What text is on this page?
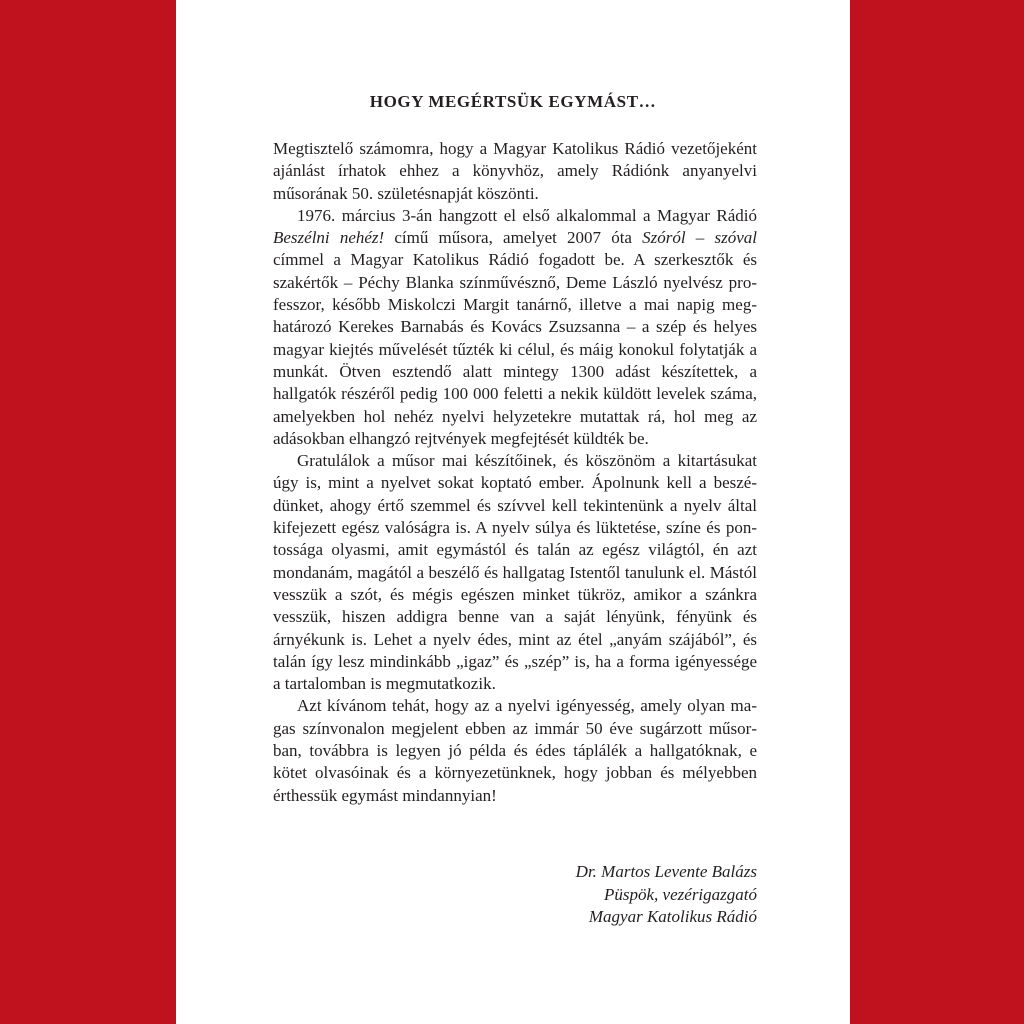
HOGY MEGÉRTSÜK EGYMÁST…

Megtisztelő számomra, hogy a Magyar Katolikus Rádió vezetőjeként ajánlást írhatok ehhez a könyvhöz, amely Rádiónk anyanyelvi műsorának 50. születésnapját köszönti.

1976. március 3-án hangzott el első alkalommal a Magyar Rádió Beszélni nehéz! című műsora, amelyet 2007 óta Szóról – szóval címmel a Magyar Katolikus Rádió fogadott be. A szerkesztők és szakértők – Péchy Blanka színművésznő, Deme László nyelvész professzor, később Miskolczi Margit tanárnő, illetve a mai napig meghatározó Kerekes Barnabás és Kovács Zsuzsanna – a szép és helyes magyar kiejtés művelését tűzték ki célul, és máig konokul folytatják a munkát. Ötven esztendő alatt mintegy 1300 adást készítettek, a hallgatók részéről pedig 100 000 feletti a nekik küldött levelek száma, amelyekben hol nehéz nyelvi helyzetekre mutattak rá, hol meg az adásokban elhangzó rejtvények megfejtését küldték be.

Gratulálok a műsor mai készítőinek, és köszönöm a kitartásukat úgy is, mint a nyelvet sokat koptató ember. Ápolnunk kell a beszédünket, ahogy értő szemmel és szívvel kell tekintenünk a nyelv által kifejezett egész valóságra is. A nyelv súlya és lüktetése, színe és pontossága olyasmi, amit egymástól és talán az egész világtól, én azt mondanám, magától a beszélő és hallgatag Istentől tanulunk el. Mástól vesszük a szót, és mégis egészen minket tükröz, amikor a szánkra vesszük, hiszen addigra benne van a saját lényünk, fényünk és árnyékunk is. Lehet a nyelv édes, mint az étel „anyám szájából”, és talán így lesz mindinkább „igaz” és „szép” is, ha a forma igényessége a tartalomban is megmutatkozik.

Azt kívánom tehát, hogy az a nyelvi igényesség, amely olyan magas színvonalon megjelent ebben az immár 50 éve sugárzott műsorban, továbbra is legyen jó példa és édes táplálék a hallgatóknak, e kötet olvasóinak és a környezetünknek, hogy jobban és mélyebben érthessük egymást mindannyian!

Dr. Martos Levente Balázs
Püspök, vezérigazgató
Magyar Katolikus Rádió
